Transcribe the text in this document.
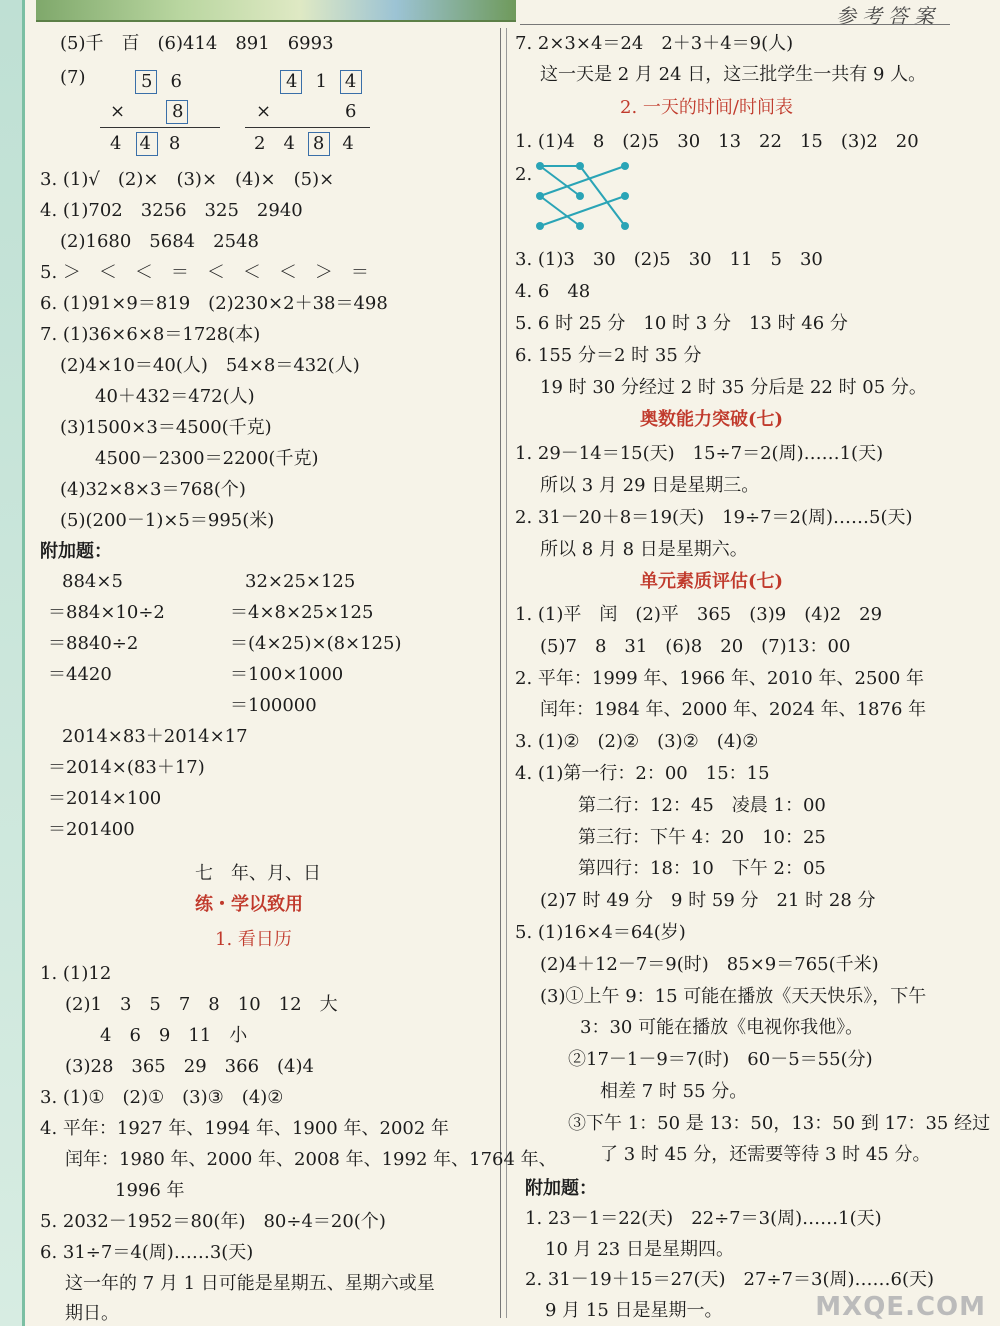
参考答案
(5)千　百　(6)414　891　6993
(7)	5　6
×	8
4　4　8
4　1　4
×	6
2　4　8　4
3. (1)√　(2)×　(3)×　(4)×　(5)×
4. (1)702　3256　325　2940
(2)1680　5684　2548
5. ＞　＜　＜　＝　＜　＜　＜　＞　＝
6. (1)91×9＝819　(2)230×2＋38＝498
7. (1)36×6×8＝1728(本)
(2)4×10＝40(人)　54×8＝432(人)
40＋432＝472(人)
(3)1500×3＝4500(千克)
4500－2300＝2200(千克)
(4)32×8×3＝768(个)
(5)(200－1)×5＝995(米)
附加题：
884×5
＝884×10÷2
＝8840÷2
＝4420
32×25×125
＝4×8×25×125
＝(4×25)×(8×125)
＝100×1000
＝100000
2014×83＋2014×17
＝2014×(83＋17)
＝2014×100
＝201400
七　年、月、日
练・学以致用
1. 看日历
1. (1)12
(2)1　3　5　7　8　10　12　大
4　6　9　11　小
(3)28　365　29　366　(4)4
3. (1)①　(2)①　(3)③　(4)②
4. 平年：1927 年、1994 年、1900 年、2002 年
闰年：1980 年、2000 年、2008 年、1992 年、1764 年、
1996 年
5. 2032－1952＝80(年)　80÷4＝20(个)
6. 31÷7＝4(周)……3(天)
这一年的 7 月 1 日可能是星期五、星期六或星
期日。
7. 2×3×4＝24　2＋3＋4＝9(人)
这一天是 2 月 24 日，这三批学生一共有 9 人。
2. 一天的时间/时间表
1. (1)4　8　(2)5　30　13　22　15　(3)2　20
2.
3. (1)3　30　(2)5　30　11　5　30
4. 6　48
5. 6 时 25 分　10 时 3 分　13 时 46 分
6. 155 分＝2 时 35 分
19 时 30 分经过 2 时 35 分后是 22 时 05 分。
奥数能力突破(七)
1. 29－14＝15(天)　15÷7＝2(周)……1(天)
所以 3 月 29 日是星期三。
2. 31－20＋8＝19(天)　19÷7＝2(周)……5(天)
所以 8 月 8 日是星期六。
单元素质评估(七)
1. (1)平　闰　(2)平　365　(3)9　(4)2　29
(5)7　8　31　(6)8　20　(7)13：00
2. 平年：1999 年、1966 年、2010 年、2500 年
闰年：1984 年、2000 年、2024 年、1876 年
3. (1)②　(2)②　(3)②　(4)②
4. (1)第一行：2：00　15：15
第二行：12：45　凌晨 1：00
第三行：下午 4：20　10：25
第四行：18：10　下午 2：05
(2)7 时 49 分　9 时 59 分　21 时 28 分
5. (1)16×4＝64(岁)
(2)4＋12－7＝9(时)　85×9＝765(千米)
(3)①上午 9：15 可能在播放《天天快乐》，下午
3：30 可能在播放《电视你我他》。
②17－1－9＝7(时)　60－5＝55(分)
相差 7 时 55 分。
③下午 1：50 是 13：50，13：50 到 17：35 经过
了 3 时 45 分，还需要等待 3 时 45 分。
附加题：
1. 23－1＝22(天)　22÷7＝3(周)……1(天)
10 月 23 日是星期四。
2. 31－19＋15＝27(天)　27÷7＝3(周)……6(天)
9 月 15 日是星期一。	MXQE.COM
